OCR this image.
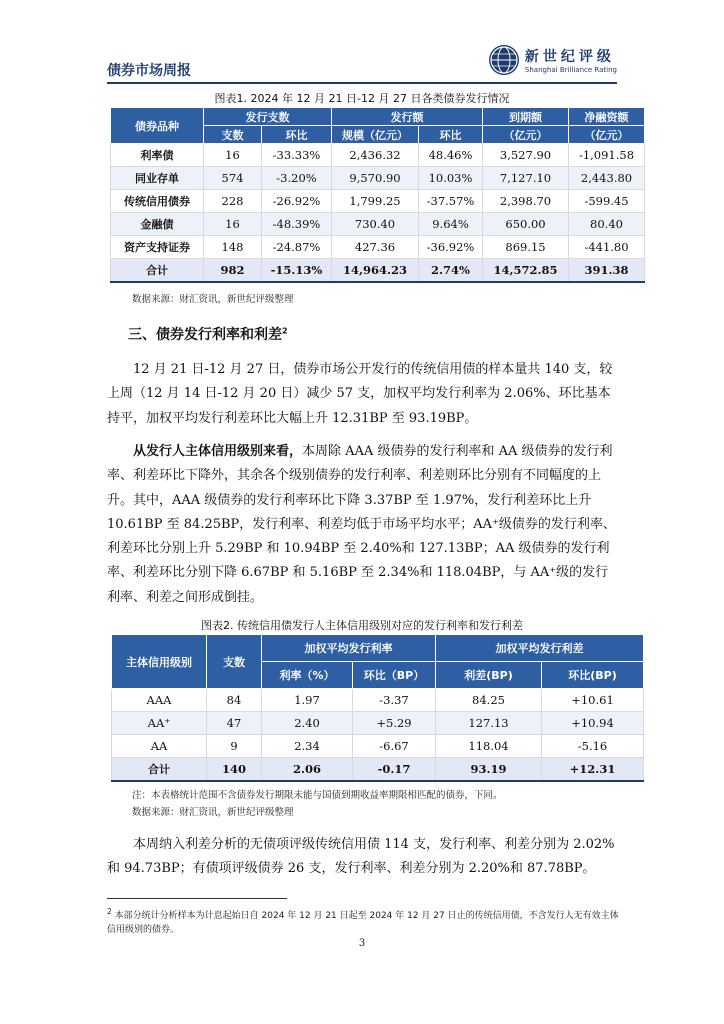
债券市场周报
新世纪评级
Shanghai Brilliance Rating
图表1. 2024 年 12 月 21 日-12 月 27 日各类债券发行情况
债券品种	发行支数		发行额		到期额	净融资额
	支数	环比	规模（亿元）	环比	（亿元）	（亿元）
利率债	16	-33.33%	2,436.32	48.46%	3,527.90	-1,091.58
同业存单	574	-3.20%	9,570.90	10.03%	7,127.10	2,443.80
传统信用债券	228	-26.92%	1,799.25	-37.57%	2,398.70	-599.45
金融债	16	-48.39%	730.40	9.64%	650.00	80.40
资产支持证券	148	-24.87%	427.36	-36.92%	869.15	-441.80
合计	982	-15.13%	14,964.23	2.74%	14,572.85	391.38
数据来源：财汇资讯，新世纪评级整理
三、债券发行利率和利差$^2$

12 月 21 日-12 月 27 日，债券市场公开发行的传统信用债的样本量共 140 支，较上周（12 月 14 日-12 月 20 日）减少 57 支，加权平均发行利率为 2.06%、环比基本持平，加权平均发行利差环比大幅上升 12.31BP 至 93.19BP。

从发行人主体信用级别来看，本周除 AAA 级债券的发行利率和 AA 级债券的发行利率、利差环比下降外，其余各个级别债券的发行利率、利差则环比分别有不同幅度的上升。其中，AAA 级债券的发行利率环比下降 3.37BP 至 1.97%，发行利差环比上升 10.61BP 至 84.25BP，发行利率、利差均低于市场平均水平；AA⁺级债券的发行利率、利差环比分别上升 5.29BP 和 10.94BP 至 2.40%和 127.13BP；AA 级债券的发行利率、利差环比分别下降 6.67BP 和 5.16BP 至 2.34%和 118.04BP，与 AA⁺级的发行利率、利差之间形成倒挂。

图表2. 传统信用债发行人主体信用级别对应的发行利率和发行利差
主体信用级别	支数	加权平均发行利率		加权平均发行利差	
		利率（%）	环比（BP）	利差(BP)	环比(BP)
AAA	84	1.97	-3.37	84.25	+10.61
AA⁺	47	2.40	+5.29	127.13	+10.94
AA	9	2.34	-6.67	118.04	-5.16
合计	140	2.06	-0.17	93.19	+12.31
注：本表格统计范围不含债券发行期限未能与国债到期收益率期限相匹配的债券，下同。
数据来源：财汇资讯，新世纪评级整理

本周纳入利差分析的无债项评级传统信用债 114 支，发行利率、利差分别为 2.02%和 94.73BP；有债项评级债券 26 支，发行利率、利差分别为 2.20%和 87.78BP。

$^2$ 本部分统计分析样本为计息起始日自 2024 年 12 月 21 日起至 2024 年 12 月 27 日止的传统信用债，不含发行人无有效主体信用级别的债券。
3
